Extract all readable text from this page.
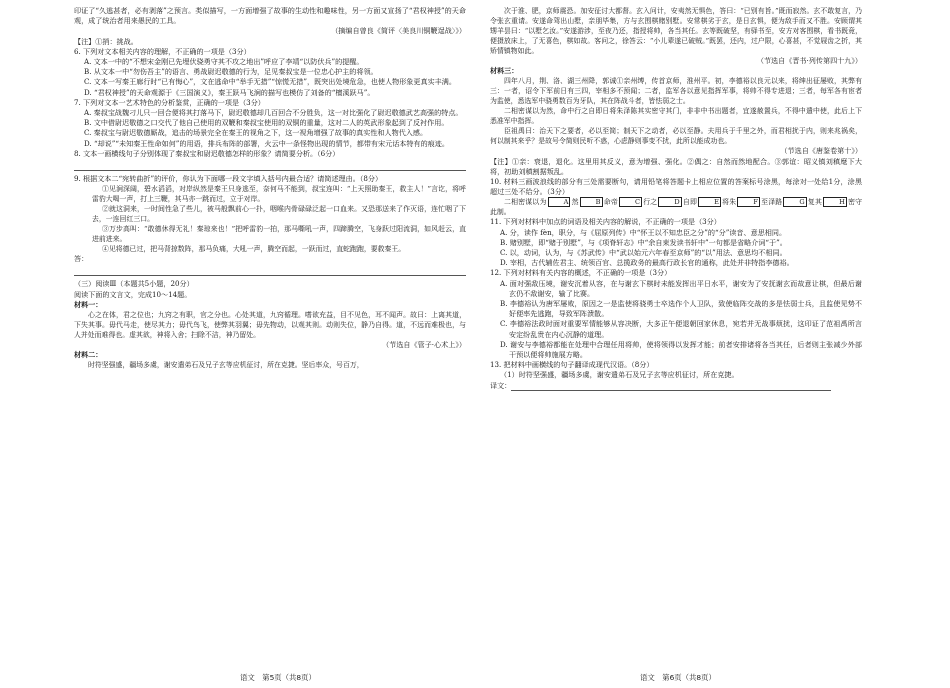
印证了“久逃甚者，必有剥落”之预言。类似描写，一方面增强了故事的生动性和趣味性，另一方面又宣扬了“君权神授”的天命观，成了统治者用来愚民的工具。
（摘编自曾良《简评〈美良川铜鞭逞战〉》）
【注】①捎：挑战。
6. 下列对文本相关内容的理解，不正确的一项是（3分）
A. 文本一中的“不想宋金刚已先埋伏骁勇守其不攻之地出”呼应了李靖“以防伏兵”的提醒。
B. 从文本一中“勿伤吾主”的语言、勇战尉迟敬德的行为，足见秦叔宝是一位忠心护主的将领。
C. 文本一写秦王廊行时“已有悔心”，文在逃命中“举手无措”“惊慌无措”，既突出处境危急，也使人物形象更真实丰满。
D. “君权神授”的天命观源于《三国演义》，秦王跃马飞涧的描写也模仿了刘备的“檀溪跃马”。
7. 下列对文本一艺术特色的分析鉴赏，正确的一项是（3分）
A. 秦叔宝战魏刁儿只一回合便将其打落马下，尉迟敬德却几百回合不分胜负，这一对比强化了尉迟敬德武艺高强的特点。
B. 文中借尉迟敬德之口交代了他自己使用的双鞭和秦叔宝使用的双铜的重量，这对二人的英武形象起到了反衬作用。
C. 秦叔宝与尉迟敬德厮战，追击的场景完全在秦王的视角之下，这一视角增强了故事的真实性和人物代入感。
D. “却说”“未知秦王性命如何”的用语，排兵布阵的部署，火云中一条怪物出现的情节，都带有宋元话本特有的痕迹。
8. 文本一画横线句子分别体现了秦叔宝和尉迟敬德怎样的形象？请简要分析。（6分）
9. 根据文本二“宛转曲折”的评价，你认为下面哪一段文字填入括号内最合适？请简述理由。（8分）
①见涧深阔，碧水滔滔，对岸纵然是秦王只身逃至，奈何马不能到，叔宝连叫：“上天照助秦王，救主人！”言讫，将呼雷豹大喝一声，打上三鞭，其马亦一跳而过，立于对岸。
②就这洞来，一时间性急了些儿，被马般飘前心一扑，咽喉内骨碌碌泛起一口血来。又恐那送来了作灭语，连忙咽了下去，一连回红三口。
③万步高叫：“敢德休得无礼！秦琼来也！”把呼雷豹一拍，那马嘶吼一声，四蹄腾空，飞身跃过阳流洞，如风赶云，直进前进来。
④见将德已过，把马背掠数阵，那马负痛，大吼一声，腾空而起，一跃而过，直蛇跑跑，要救秦王。
答：
（三）阅读Ⅲ（本题共5小题，20分）
阅读下面的文言文，完成10～14题。
材料一：
心之在体，君之位也；九窍之有职，官之分也。心处其道，九窍循理。嗜欲充益，目不见色，耳不闻声。故曰：上离其道，下失其事。毋代马走，使尽其力；毋代鸟飞，使弊其羽翼；毋先物动，以观其则。动则失位，静乃自得。道，不远而难极也，与人并处而难得也。虚其欲，神将入舍；扫除不洁，神乃留处。
（节选自《管子·心术上》）
材料二：
时符坚强盛，疆场多虞，谢安遣弟石及兄子玄等应机征讨，所在克捷。坚后率众，号百万，
次于淮、肥，京师震恐。加安征讨大都督。玄入问计，安夷然无惧色，答曰：“已别有旨。”既而寂然。玄不敢复言，乃令张玄重请。安遂命驾出山墅，亲朋毕集，方与玄围棋赌别墅。安常棋劣于玄，是日玄惧，便为敌手而又不胜。安顾谓其甥羊昙曰：“以墅乞汝。”安遂游涉，至夜乃还，指授将帅，各当其任。玄等既破坚，有驿书至，安方对客围棋，看书既竟，便摄放床上，了无喜色，棋如故。客问之，徐答云：“小儿辈遂已破贼。”既罢，还内，过户限，心喜甚，不觉屐齿之折，其矫情镇物如此。
（节选自《晋书·列传第四十九》）
材料三：
四年八月，荆、洛、湖三州降，郭诚①亲州缚，传首京师，淮州平。初，李德裕以良元以来，将绅出征屡败，其弊有三：一者，诏令下军前日有三四，宰相多不预闻；二者，监军各以意见指挥军事，将帅不得专进退；三者，每军各有宦者为监使，悉选军中骁勇数百为牙队，其在阵战斗者，皆怯弱之士。
二相密谋以为然，命中行之自即日将朱泽陈其实密守其门，非非中书出题者，宜遂赦置兵，不得中遣中使，此后上下悉准军中指挥。
臣祖禹曰：治天下之要者，必以至简；制天下之动者，必以至静。夫用兵于千里之外，而君相扰于内，则来兆祸矣，何以制其来乎？是故号令简则民听不惑，心虑静则事变不扰，此所以能成功也。
（节选自《唐鉴卷第十》）
【注】①亲：衰退，退化。这里用其反义，意为增强、强化。②偶之：自然而然地配合。③郭谊：昭义镇刘稹麾下大将，初助刘稹割据叛乱。
10. 材料三画波浪线的部分有三处需要断句，请用铅笔将答题卡上相应位置的答案标号涂黑，每涂对一处给1分，涂黑超过三处不给分。（3分）
二相密谋以为	A 然	B 命帝	C 行之	D 自即	E 将朱	F 至泽路	G 复其	H 密守此制。
11. 下列对材料中加点的词语及相关内容的解说，不正确的一项是（3分）
A. 分，读作 fèn，职分，与《屈原列传》中“怀王以不知忠臣之分”的“分”读音、意思相同。
B. 赌别墅，即“赌于别墅”，与《项脊轩志》中“余自束发读书轩中”一句都是省略介词“于”。
C. 以，动词，认为，与《苏武传》中“武以始元六年春至京师”的“以”用法、意思均不相同。
D. 宰相，古代辅佐君主、统领百官、总揽政务的最高行政长官的通称，此处并非特指李德裕。
12. 下列对材料有关内容的概述，不正确的一项是（3分）
A. 面对强敌压境，谢安沉着从容，在与谢玄下棋时未能发挥出平日水平，谢安为了安抚谢玄而故意让棋，但最后谢玄仍不敌谢安，输了比赛。
B. 李德裕认为唐军屡败，原因之一是监使将骁勇士卒选作个人卫队，致使临阵交战的多是怯弱士兵，且监使见势不好便率先逃跑，导致军阵溃散。
C. 李德裕法政时面对重要军情能够从容决断，大多正午便退朝回家休息，宛若并无战事烦扰，这印证了范祖禹所言安定纷乱贵在内心沉静的道理。
D. 谢安与李德裕都能在处理中合理任用将帅，使将领得以发挥才能；前者安排诸将各当其任，后者则主张减少外部干预以便将帅施展方略。
13. 把材料中画横线的句子翻译成现代汉语。（8分）
（1）时符坚强盛，疆场多虞，谢安遣弟石及兄子玄等应机征讨，所在克捷。
译文：
语文　第5页（共8页）	语文　第6页（共8页）
